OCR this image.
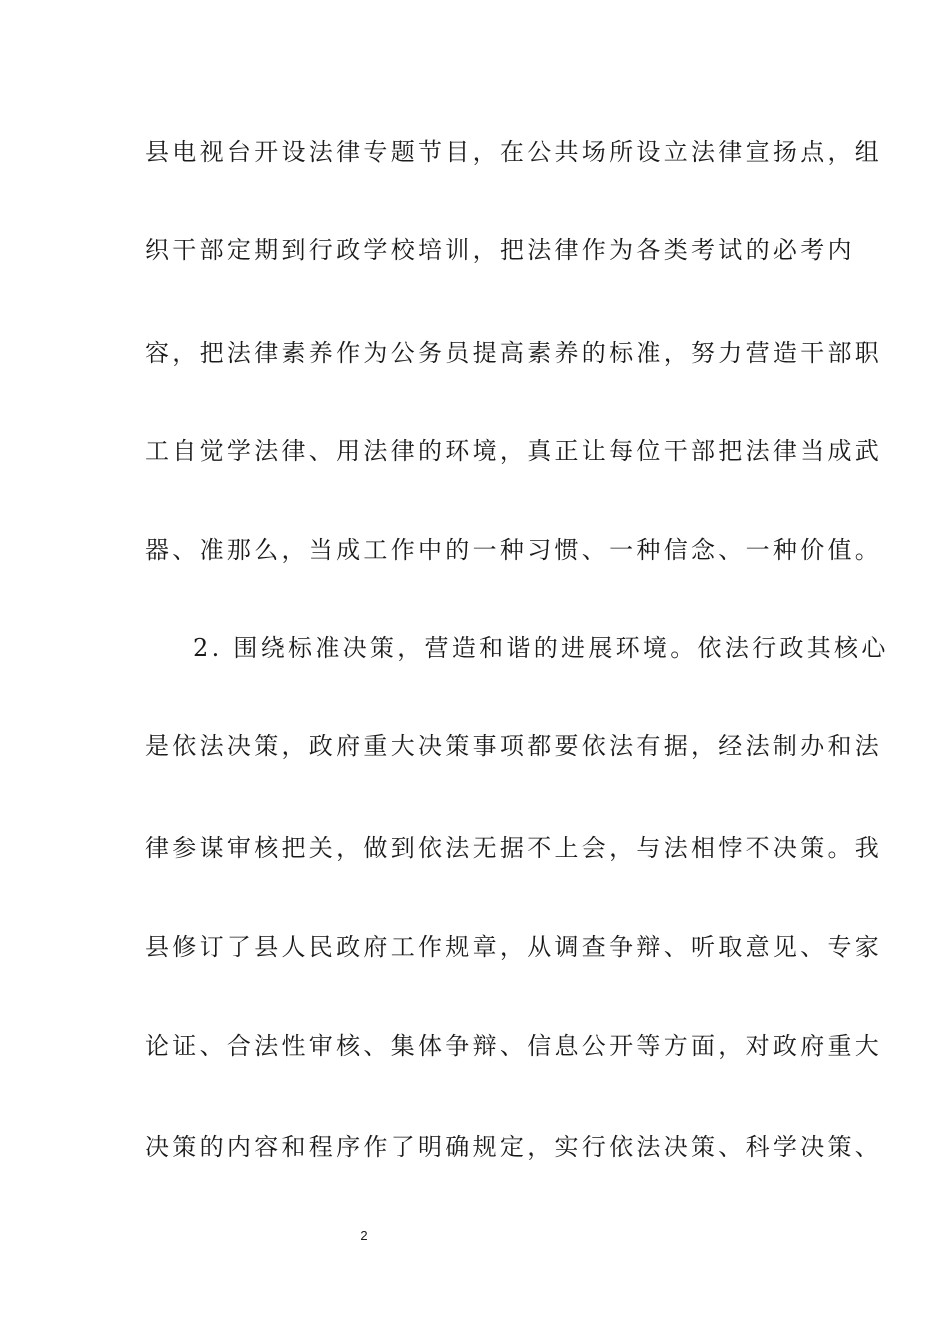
县电视台开设法律专题节目，在公共场所设立法律宣扬点，组
织干部定期到行政学校培训，把法律作为各类考试的必考内
容，把法律素养作为公务员提高素养的标准，努力营造干部职
工自觉学法律、用法律的环境，真正让每位干部把法律当成武
器、准那么，当成工作中的一种习惯、一种信念、一种价值。
2. 围绕标准决策，营造和谐的进展环境。依法行政其核心
是依法决策，政府重大决策事项都要依法有据，经法制办和法
律参谋审核把关，做到依法无据不上会，与法相悖不决策。我
县修订了县人民政府工作规章，从调查争辩、听取意见、专家
论证、合法性审核、集体争辩、信息公开等方面，对政府重大
决策的内容和程序作了明确规定，实行依法决策、科学决策、
2
